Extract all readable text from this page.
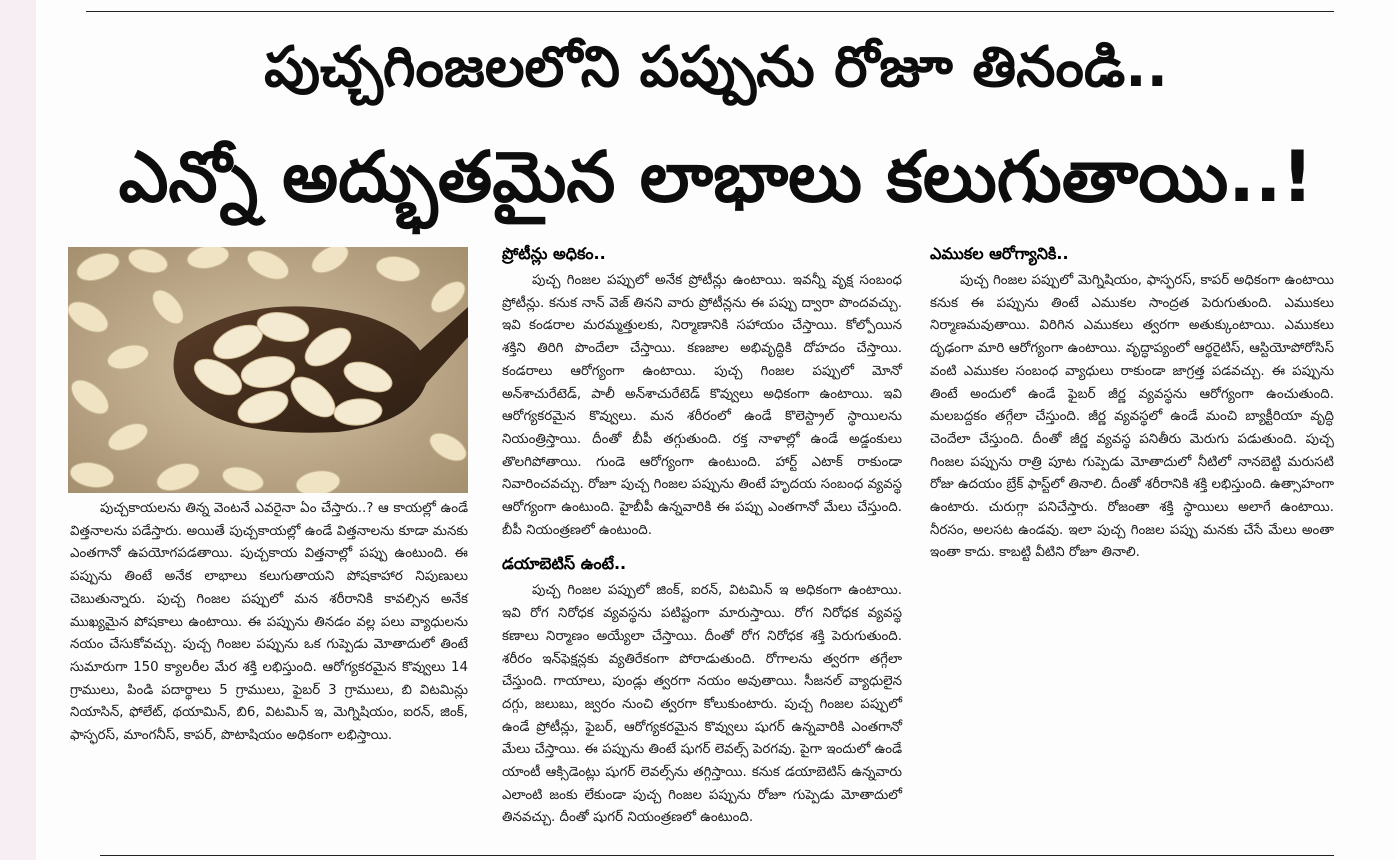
పుచ్చగింజలలోని పప్పును రోజూ తినండి..
ఎన్నో అద్భుతమైన లాభాలు కలుగుతాయి..!

పుచ్చకాయలను తిన్న వెంటనే ఎవరైనా ఏం చేస్తారు..? ఆ కాయల్లో ఉండే విత్తనాలను పడేస్తారు. అయితే పుచ్చకాయల్లో ఉండే విత్తనాలను కూడా మనకు ఎంతగానో ఉపయోగపడతాయి. పుచ్చకాయ విత్తనాల్లో పప్పు ఉంటుంది. ఈ పప్పును తింటే అనేక లాభాలు కలుగుతాయని పోషకాహార నిపుణులు చెబుతున్నారు. పుచ్చ గింజల పప్పులో మన శరీరానికి కావల్సిన అనేక ముఖ్యమైన పోషకాలు ఉంటాయి. ఈ పప్పును తినడం వల్ల పలు వ్యాధులను నయం చేసుకోవచ్చు. పుచ్చ గింజల పప్పును ఒక గుప్పెడు మోతాదులో తింటే సుమారుగా 150 క్యాలరీల మేర శక్తి లభిస్తుంది. ఆరోగ్యకరమైన కొవ్వులు 14 గ్రాములు, పిండి పదార్థాలు 5 గ్రాములు, ఫైబర్ 3 గ్రాములు, బి విటమిన్లు నియాసిన్, ఫోలేట్, థయామిన్, బి6, విటమిన్ ఇ, మెగ్నిషియం, ఐరన్, జింక్, ఫాస్ఫరస్, మాంగనీస్, కాపర్, పొటాషియం అధికంగా లభిస్తాయి.

ప్రోటీన్లు అధికం..

పుచ్చ గింజల పప్పులో అనేక ప్రోటీన్లు ఉంటాయి. ఇవన్నీ వృక్ష సంబంధ ప్రోటీన్లు. కనుక నాన్ వెజ్ తినని వారు ప్రోటీన్లను ఈ పప్పు ద్వారా పొందవచ్చు. ఇవి కండరాల మరమ్మత్తులకు, నిర్మాణానికి సహాయం చేస్తాయి. కోల్పోయిన శక్తిని తిరిగి పొందేలా చేస్తాయి. కణజాల అభివృద్ధికి దోహదం చేస్తాయి. కండరాలు ఆరోగ్యంగా ఉంటాయి. పుచ్చ గింజల పప్పులో మోనో అన్‌శాచురేటెడ్, పాలీ అన్‌శాచురేటెడ్ కొవ్వులు అధికంగా ఉంటాయి. ఇవి ఆరోగ్యకరమైన కొవ్వులు. మన శరీరంలో ఉండే కొలెస్ట్రాల్ స్థాయిలను నియంత్రిస్తాయి. దీంతో బీపీ తగ్గుతుంది. రక్త నాళాల్లో ఉండే అడ్డంకులు తొలగిపోతాయి. గుండె ఆరోగ్యంగా ఉంటుంది. హార్ట్ ఎటాక్ రాకుండా నివారించవచ్చు. రోజూ పుచ్చ గింజల పప్పును తింటే హృదయ సంబంధ వ్యవస్థ ఆరోగ్యంగా ఉంటుంది. హైబీపీ ఉన్నవారికి ఈ పప్పు ఎంతగానో మేలు చేస్తుంది. బీపీ నియంత్రణలో ఉంటుంది.

డయాబెటిస్ ఉంటే..

పుచ్చ గింజల పప్పులో జింక్, ఐరన్, విటమిన్ ఇ అధికంగా ఉంటాయి. ఇవి రోగ నిరోధక వ్యవస్థను పటిష్టంగా మారుస్తాయి. రోగ నిరోధక వ్యవస్థ కణాలు నిర్మాణం అయ్యేలా చేస్తాయి. దీంతో రోగ నిరోధక శక్తి పెరుగుతుంది. శరీరం ఇన్‌ఫెక్షన్లకు వ్యతిరేకంగా పోరాడుతుంది. రోగాలను త్వరగా తగ్గేలా చేస్తుంది. గాయాలు, పుండ్లు త్వరగా నయం అవుతాయి. సీజనల్ వ్యాధులైన దగ్గు, జలుబు, జ్వరం నుంచి త్వరగా కోలుకుంటారు. పుచ్చ గింజల పప్పులో ఉండే ప్రోటీన్లు, ఫైబర్, ఆరోగ్యకరమైన కొవ్వులు షుగర్ ఉన్నవారికి ఎంతగానో మేలు చేస్తాయి. ఈ పప్పును తింటే షుగర్ లెవల్స్ పెరగవు. పైగా ఇందులో ఉండే యాంటీ ఆక్సిడెంట్లు షుగర్ లెవల్స్‌ను తగ్గిస్తాయి. కనుక డయాబెటిస్ ఉన్నవారు ఎలాంటి జంకు లేకుండా పుచ్చ గింజల పప్పును రోజూ గుప్పెడు మోతాదులో తినవచ్చు. దీంతో షుగర్ నియంత్రణలో ఉంటుంది.

ఎముకల ఆరోగ్యానికి..

పుచ్చ గింజల పప్పులో మెగ్నిషియం, ఫాస్ఫరస్, కాపర్ అధికంగా ఉంటాయి కనుక ఈ పప్పును తింటే ఎముకల సాంద్రత పెరుగుతుంది. ఎముకలు నిర్మాణమవుతాయి. విరిగిన ఎముకలు త్వరగా అతుక్కుంటాయి. ఎముకలు దృఢంగా మారి ఆరోగ్యంగా ఉంటాయి. వృద్ధాప్యంలో ఆర్థరైటిస్, ఆస్టియోపోరోసిస్ వంటి ఎముకల సంబంధ వ్యాధులు రాకుండా జాగ్రత్త పడవచ్చు. ఈ పప్పును తింటే అందులో ఉండే ఫైబర్ జీర్ణ వ్యవస్థను ఆరోగ్యంగా ఉంచుతుంది. మలబద్దకం తగ్గేలా చేస్తుంది. జీర్ణ వ్యవస్థలో ఉండే మంచి బ్యాక్టీరియా వృద్ధి చెందేలా చేస్తుంది. దీంతో జీర్ణ వ్యవస్థ పనితీరు మెరుగు పడుతుంది. పుచ్చ గింజల పప్పును రాత్రి పూట గుప్పెడు మోతాదులో నీటిలో నానబెట్టి మరుసటి రోజు ఉదయం బ్రేక్ ఫాస్ట్‌లో తినాలి. దీంతో శరీరానికి శక్తి లభిస్తుంది. ఉత్సాహంగా ఉంటారు. చురుగ్గా పనిచేస్తారు. రోజంతా శక్తి స్థాయిలు అలాగే ఉంటాయి. నీరసం, అలసట ఉండవు. ఇలా పుచ్చ గింజల పప్పు మనకు చేసే మేలు అంతా ఇంతా కాదు. కాబట్టి వీటిని రోజూ తినాలి.
